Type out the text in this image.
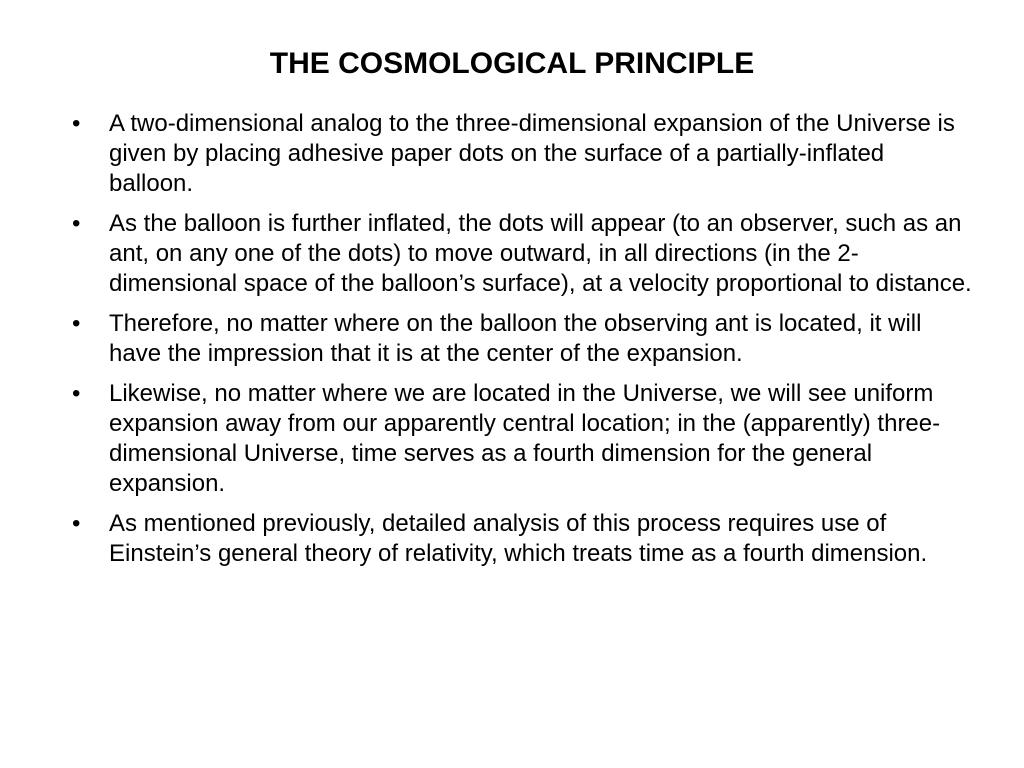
THE COSMOLOGICAL PRINCIPLE
•	A two-dimensional analog to the three-dimensional expansion of the Universe is given by placing adhesive paper dots on the surface of a partially-inflated balloon.
•	As the balloon is further inflated, the dots will appear (to an observer, such as an ant, on any one of the dots) to move outward, in all directions (in the 2-dimensional space of the balloon’s surface), at a velocity proportional to distance.
•	Therefore, no matter where on the balloon the observing ant is located, it will have the impression that it is at the center of the expansion.
•	Likewise, no matter where we are located in the Universe, we will see uniform expansion away from our apparently central location; in the (apparently) three-dimensional Universe, time serves as a fourth dimension for the general expansion.
•	As mentioned previously, detailed analysis of this process requires use of Einstein’s general theory of relativity, which treats time as a fourth dimension.
